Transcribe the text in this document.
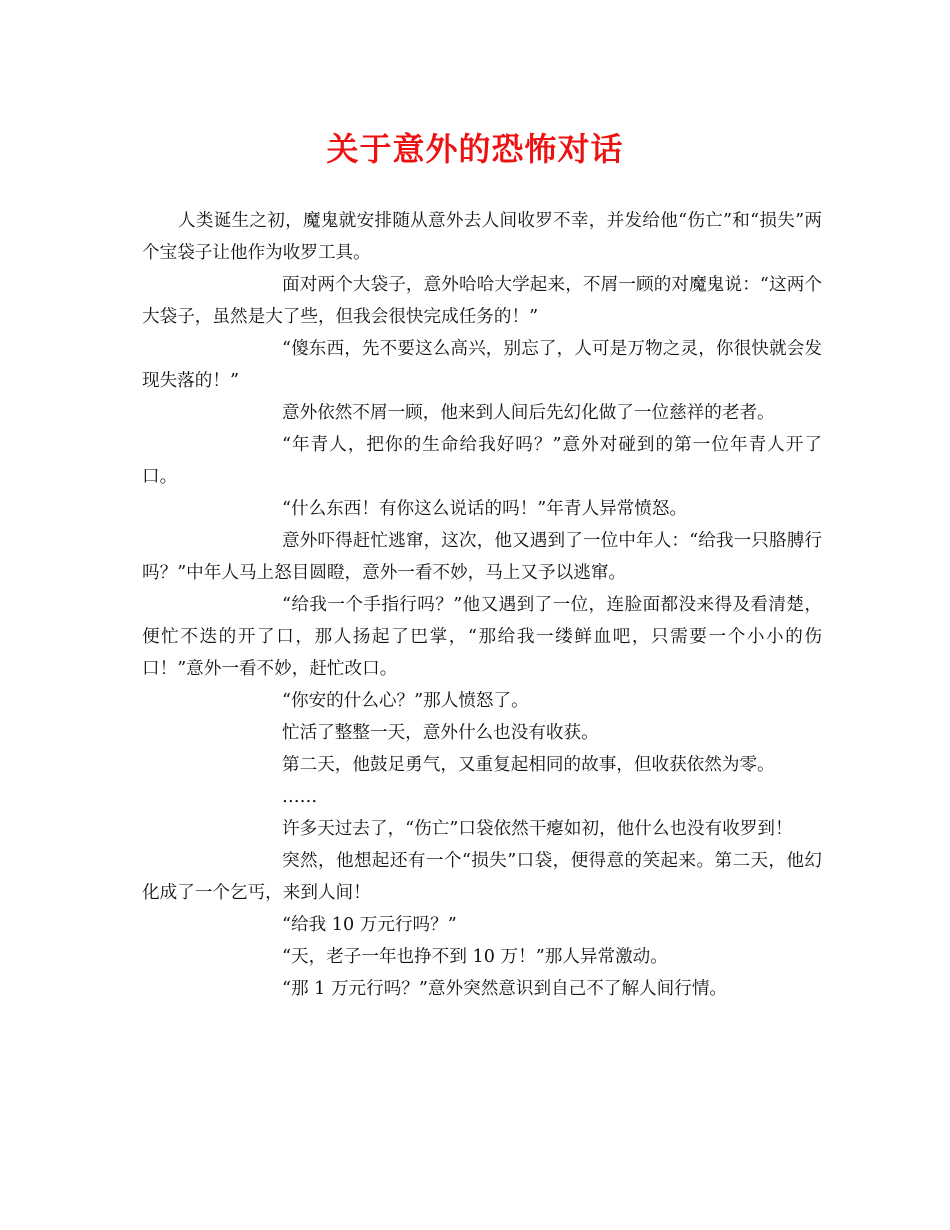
关于意外的恐怖对话

人类诞生之初，魔鬼就安排随从意外去人间收罗不幸，并发给他“伤亡”和“损失”两个宝袋子让他作为收罗工具。

面对两个大袋子，意外哈哈大学起来，不屑一顾的对魔鬼说：“这两个大袋子，虽然是大了些，但我会很快完成任务的！”

“傻东西，先不要这么高兴，别忘了，人可是万物之灵，你很快就会发现失落的！”

意外依然不屑一顾，他来到人间后先幻化做了一位慈祥的老者。

“年青人，把你的生命给我好吗？”意外对碰到的第一位年青人开了口。

“什么东西！有你这么说话的吗！”年青人异常愤怒。

意外吓得赶忙逃窜，这次，他又遇到了一位中年人：“给我一只胳膊行吗？”中年人马上怒目圆瞪，意外一看不妙，马上又予以逃窜。

“给我一个手指行吗？”他又遇到了一位，连脸面都没来得及看清楚，便忙不迭的开了口，那人扬起了巴掌，“那给我一缕鲜血吧，只需要一个小小的伤口！”意外一看不妙，赶忙改口。

“你安的什么心？”那人愤怒了。

忙活了整整一天，意外什么也没有收获。

第二天，他鼓足勇气，又重复起相同的故事，但收获依然为零。

……

许多天过去了，“伤亡”口袋依然干瘪如初，他什么也没有收罗到！

突然，他想起还有一个“损失”口袋，便得意的笑起来。第二天，他幻化成了一个乞丐，来到人间！

“给我 10 万元行吗？”

“天，老子一年也挣不到 10 万！”那人异常激动。

“那 1 万元行吗？”意外突然意识到自己不了解人间行情。
